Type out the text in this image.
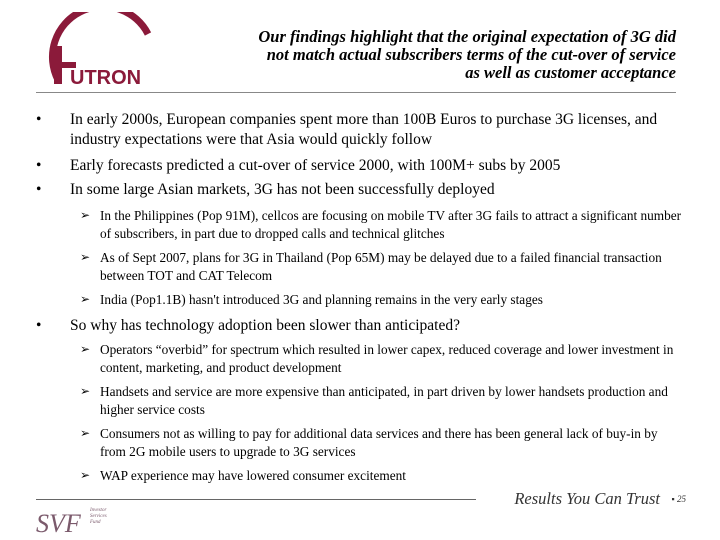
UTRON
Our findings highlight that the original expectation of 3G did
not match actual subscribers terms of the cut-over of service
as well as customer acceptance
•	In early 2000s, European companies spent more than 100B Euros to purchase 3G licenses, and industry expectations were that Asia would quickly follow
•	Early forecasts predicted a cut-over of service 2000, with 100M+ subs by 2005
•	In some large Asian markets, 3G has not been successfully deployed
➢ In the Philippines (Pop 91M), cellcos are focusing on mobile TV after 3G fails to attract a significant number of subscribers, in part due to dropped calls and technical glitches
➢ As of Sept 2007, plans for 3G in Thailand (Pop 65M) may be delayed due to a failed financial transaction between TOT and CAT Telecom
➢ India (Pop1.1B) hasn't introduced 3G and planning remains in the very early stages
•	So why has technology adoption been slower than anticipated?
➢ Operators “overbid” for spectrum which resulted in lower capex, reduced coverage and lower investment in content, marketing, and product development
➢ Handsets and service are more expensive than anticipated, in part driven by lower handsets production and higher service costs
➢ Consumers not as willing to pay for additional data services and there has been general lack of buy-in by from 2G mobile users to upgrade to 3G services
➢ WAP experience may have lowered consumer excitement
Results You Can Trust ▪ 25
SVF Investor
Services
Fund
